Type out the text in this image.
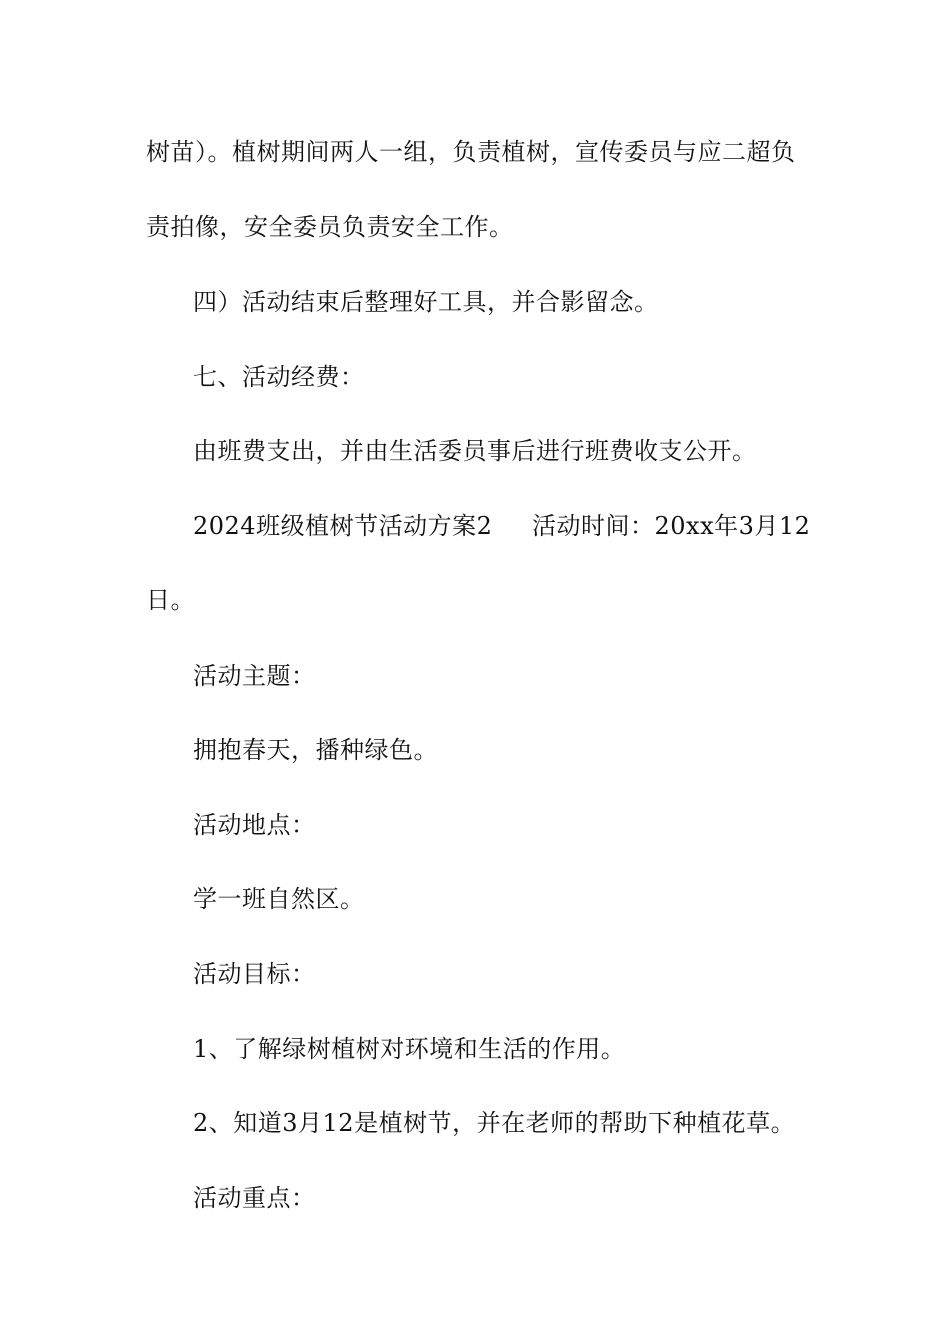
树苗）。植树期间两人一组，负责植树，宣传委员与应二超负
责拍像，安全委员负责安全工作。
四）活动结束后整理好工具，并合影留念。
七、活动经费：
由班费支出，并由生活委员事后进行班费收支公开。
2024班级植树节活动方案2 活动时间：20xx年3月12
日。
活动主题：
拥抱春天，播种绿色。
活动地点：
学一班自然区。
活动目标：
1、了解绿树植树对环境和生活的作用。
2、知道3月12是植树节，并在老师的帮助下种植花草。
活动重点：
